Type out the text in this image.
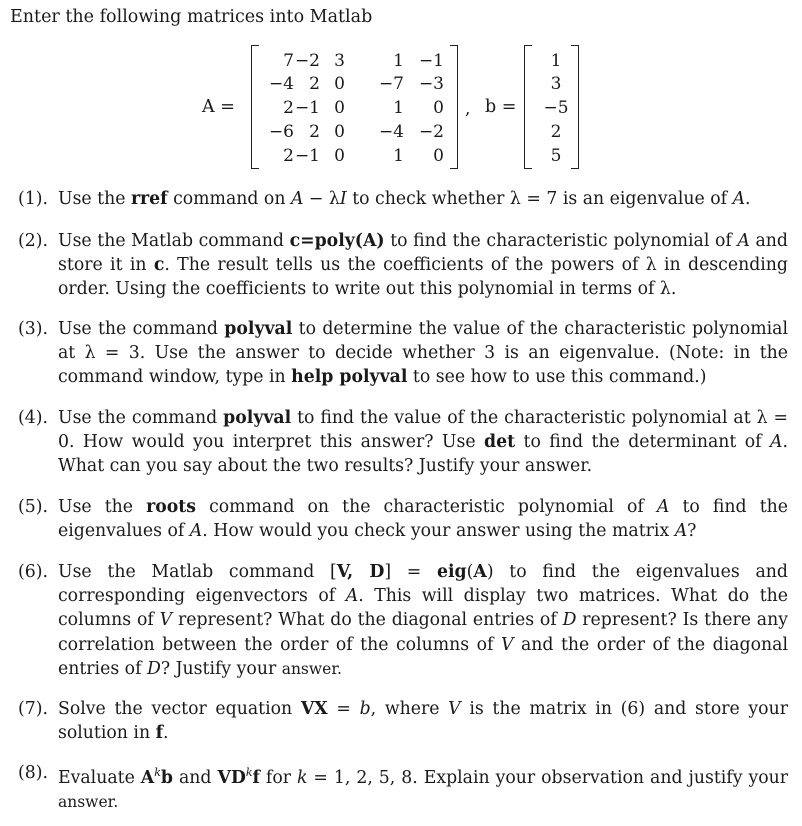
Enter the following matrices into Matlab
A =
7 −2 3	1 −1
−4 2 0	−7 −3
2 −1 0	1	0
−6 2 0	−4 −2
2 −1 0	1	0
, b =
1
3
−5
2
5
(1). Use the rref command on A − λI to check whether λ = 7 is an eigenvalue of A.
(2). Use the Matlab command c=poly(A) to find the characteristic polynomial of A and store it in c. The result tells us the coefficients of the powers of λ in descending order. Using the coefficients to write out this polynomial in terms of λ.
(3). Use the command polyval to determine the value of the characteristic polynomial at λ = 3. Use the answer to decide whether 3 is an eigenvalue. (Note: in the command window, type in help polyval to see how to use this command.)
(4). Use the command polyval to find the value of the characteristic polynomial at λ = 0. How would you interpret this answer? Use det to find the determinant of A. What can you say about the two results? Justify your answer.
(5). Use the roots command on the characteristic polynomial of A to find the eigenvalues of A. How would you check your answer using the matrix A?
(6). Use the Matlab command [V, D] = eig(A) to find the eigenvalues and corresponding eigenvectors of A. This will display two matrices. What do the columns of V represent? What do the diagonal entries of D represent? Is there any correlation between the order of the columns of V and the order of the diagonal entries of D? Justify your answer.
(7). Solve the vector equation VX = b, where V is the matrix in (6) and store your solution in f.
(8). Evaluate $A^kb$ and $VD^kf$ for k = 1, 2, 5, 8. Explain your observation and justify your answer.
